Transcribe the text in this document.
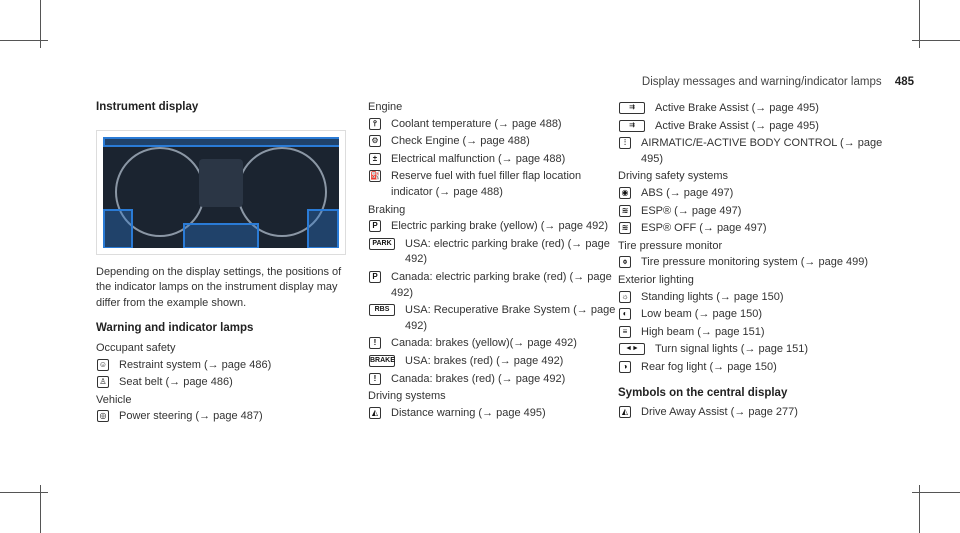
Display messages and warning/indicator lamps 485
Instrument display
Depending on the display settings, the positions of the indicator lamps on the instrument display may differ from the example shown.
Warning and indicator lamps
Occupant safety
☺ Restraint system (→ page 486)
♙ Seat belt (→ page 486)
Vehicle
◎ Power steering (→ page 487)
Engine
⫯	Coolant temperature (→ page 488)
⚙ Check Engine (→ page 488)
±	Electrical malfunction (→ page 488)
⛽ Reserve fuel with fuel filler flap location indicator (→ page 488)
Braking
P	Electric parking brake (yellow) (→ page 492)
PARK	USA: electric parking brake (red) (→ page 492)
P	Canada: electric parking brake (red) (→ page 492)
RBS	USA: Recuperative Brake System (→ page 492)
!	Canada: brakes (yellow)(→ page 492)
BRAKE USA: brakes (red) (→ page 492)
!	Canada: brakes (red) (→ page 492)
Driving systems
◭ Distance warning (→ page 495)
⇉	Active Brake Assist (→ page 495)
⇉	Active Brake Assist (→ page 495)
⫶	AIRMATIC/E-ACTIVE BODY CONTROL (→ page 495)
Driving safety systems
◉ ABS (→ page 497)
≋ ESP® (→ page 497)
≋ ESP® OFF (→ page 497)
Tire pressure monitor
⌽	Tire pressure monitoring system (→ page 499)
Exterior lighting
☼ Standing lights (→ page 150)
◐	Low beam (→ page 150)
≡	High beam (→ page 151)
◄►	Turn signal lights (→ page 151)
◑	Rear fog light (→ page 150)
Symbols on the central display
◭ Drive Away Assist (→ page 277)
